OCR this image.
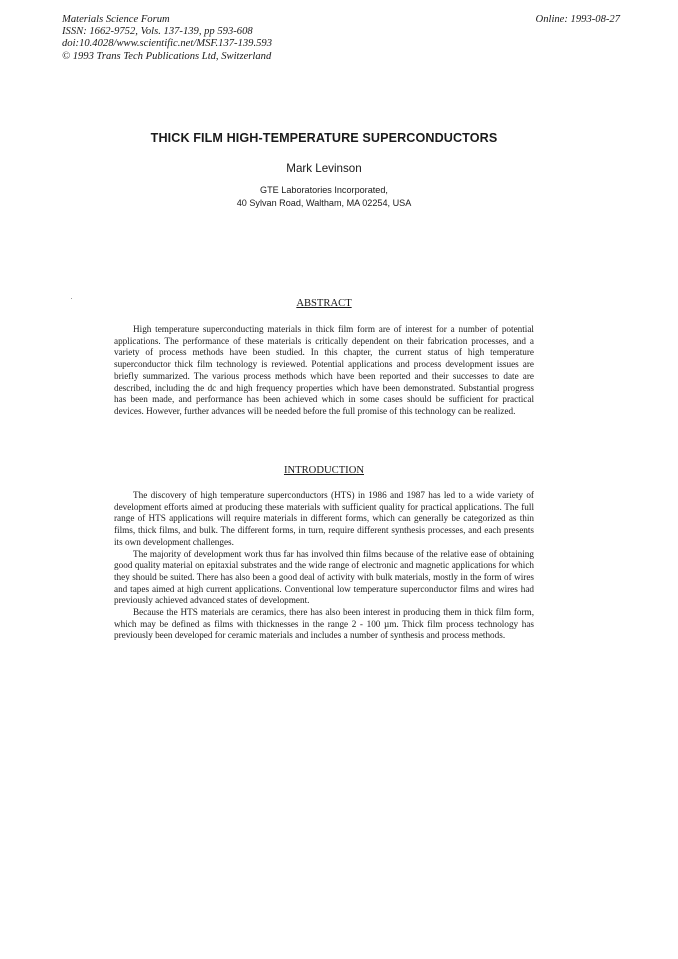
Materials Science Forum
ISSN: 1662-9752, Vols. 137-139, pp 593-608
doi:10.4028/www.scientific.net/MSF.137-139.593
© 1993 Trans Tech Publications Ltd, Switzerland
Online: 1993-08-27
THICK FILM HIGH-TEMPERATURE SUPERCONDUCTORS
Mark Levinson
GTE Laboratories Incorporated,
40 Sylvan Road, Waltham, MA 02254, USA
ABSTRACT

High temperature superconducting materials in thick film form are of interest for a number of potential applications. The performance of these materials is critically dependent on their fabrication processes, and a variety of process methods have been studied. In this chapter, the current status of high temperature superconductor thick film technology is reviewed. Potential applications and process development issues are briefly summarized. The various process methods which have been reported and their successes to date are described, including the dc and high frequency properties which have been demonstrated. Substantial progress has been made, and performance has been achieved which in some cases should be sufficient for practical devices. However, further advances will be needed before the full promise of this technology can be realized.

INTRODUCTION

The discovery of high temperature superconductors (HTS) in 1986 and 1987 has led to a wide variety of development efforts aimed at producing these materials with sufficient quality for practical applications. The full range of HTS applications will require materials in different forms, which can generally be categorized as thin films, thick films, and bulk. The different forms, in turn, require different synthesis processes, and each presents its own development challenges.

The majority of development work thus far has involved thin films because of the relative ease of obtaining good quality material on epitaxial substrates and the wide range of electronic and magnetic applications for which they should be suited. There has also been a good deal of activity with bulk materials, mostly in the form of wires and tapes aimed at high current applications. Conventional low temperature superconductor films and wires had previously achieved advanced states of development.

Because the HTS materials are ceramics, there has also been interest in producing them in thick film form, which may be defined as films with thicknesses in the range 2 - 100 µm. Thick film process technology has previously been developed for ceramic materials and includes a number of synthesis and process methods.
